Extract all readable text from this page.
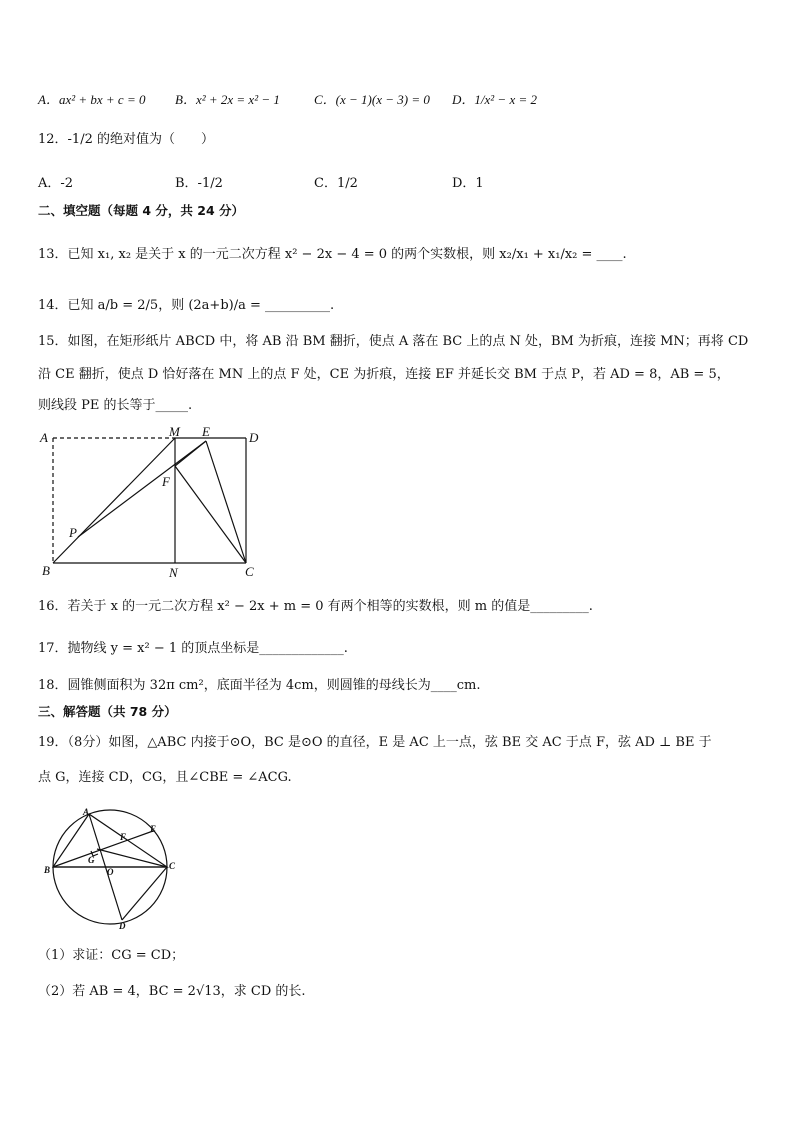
A．ax² + bx + c = 0 B．x² + 2x = x² − 1	C．(x − 1)(x − 3) = 0 D．1/x² − x = 2
12．-1/2 的绝对值为（　　）
A．-2	B．-1/2	C．1/2	D．1
二、填空题（每题 4 分，共 24 分）
13．已知 x₁, x₂ 是关于 x 的一元二次方程 x² − 2x − 4 = 0 的两个实数根，则 x₂/x₁ + x₁/x₂ = ____.
14．已知 a/b = 2/5，则 (2a+b)/a = __________.
15．如图，在矩形纸片 ABCD 中，将 AB 沿 BM 翻折，使点 A 落在 BC 上的点 N 处，BM 为折痕，连接 MN；再将 CD
沿 CE 翻折，使点 D 恰好落在 MN 上的点 F 处，CE 为折痕，连接 EF 并延长交 BM 于点 P，若 AD = 8，AB = 5，
则线段 PE 的长等于_____.
A	M E	D
F
P
B	N	C
16．若关于 x 的一元二次方程 x² − 2x + m = 0 有两个相等的实数根，则 m 的值是_________.
17．抛物线 y = x² − 1 的顶点坐标是_____________.
18．圆锥侧面积为 32π cm²，底面半径为 4cm，则圆锥的母线长为____cm.
三、解答题（共 78 分）
19．（8分）如图，△ABC 内接于⊙O，BC 是⊙O 的直径，E 是 AC 上一点，弦 BE 交 AC 于点 F，弦 AD ⊥ BE 于
点 G，连接 CD，CG，且∠CBE = ∠ACG.
A
E
F
G
B	O
C
D
（1）求证：CG = CD；
（2）若 AB = 4，BC = 2√13，求 CD 的长.
